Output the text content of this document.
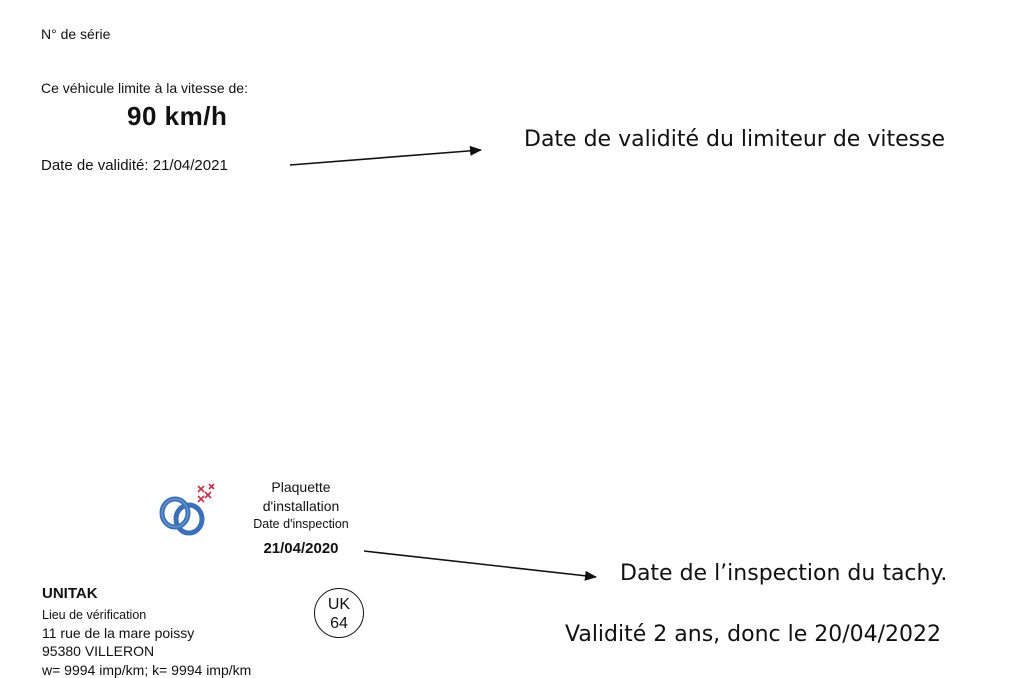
N° de série
Ce véhicule limite à la vitesse de:
90 km/h
Date de validité: 21/04/2021
Date de validité du limiteur de vitesse
Date de l’inspection du tachy.
Validité 2 ans, donc le 20/04/2022
Plaquette
d'installation
Date d'inspection
21/04/2020
UNITAK
Lieu de vérification
11 rue de la mare poissy
95380 VILLERON
w= 9994 imp/km; k= 9994 imp/km
UK
64
